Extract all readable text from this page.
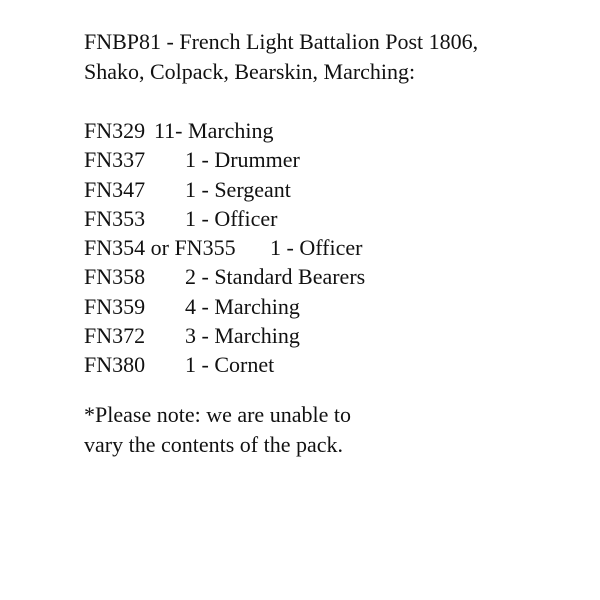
FNBP81 - French Light Battalion Post 1806,
Shako, Colpack, Bearskin, Marching:
FN329 11- Marching
FN337 1 - Drummer
FN347 1 - Sergeant
FN353 1 - Officer
FN354 or FN355 1 - Officer
FN358 2 - Standard Bearers
FN359 4 - Marching
FN372 3 - Marching
FN380 1 - Cornet

*Please note: we are unable to
vary the contents of the pack.
